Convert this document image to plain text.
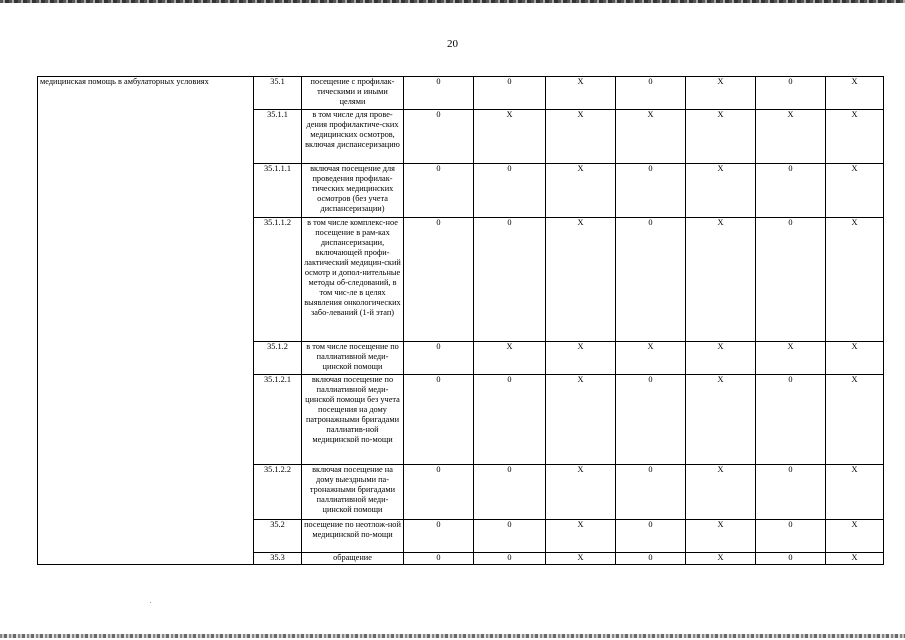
20
медицинская помощь в амбулаторных условиях	35.1	посещение с профилак-тическими и иными целями	0	0	Х	0	Х	0	Х
	35.1.1	в том числе для прове-дения профилактиче-ских медицинских осмотров, включая диспансеризацию	0	Х	Х	Х	Х	Х	Х
	35.1.1.1	включая посещение для проведения профилак-тических медицинских осмотров (без учета диспансеризации)	0	0	Х	0	Х	0	Х
	35.1.1.2	в том числе комплекс-ное посещение в рам-ках диспансеризации, включающей профи-лактический медицин-ский осмотр и допол-нительные методы об-следований, в том чис-ле в целях выявления онкологических забо-леваний (1-й этап)	0	0	Х	0	Х	0	Х
	35.1.2	в том числе посещение по паллиативной меди-цинской помощи	0	Х	Х	Х	Х	Х	Х
	35.1.2.1	включая посещение по паллиативной меди-цинской помощи без учета посещения на дому патронажными бригадами паллиатив-ной медицинской по-мощи	0	0	Х	0	Х	0	Х
	35.1.2.2	включая посещение на дому выездными па-тронажными бригадами паллиативной меди-цинской помощи	0	0	Х	0	Х	0	Х
	35.2	посещение по неотлож-ной медицинской по-мощи	0	0	Х	0	Х	0	Х
	35.3	обращение	0	0	Х	0	Х	0	Х
